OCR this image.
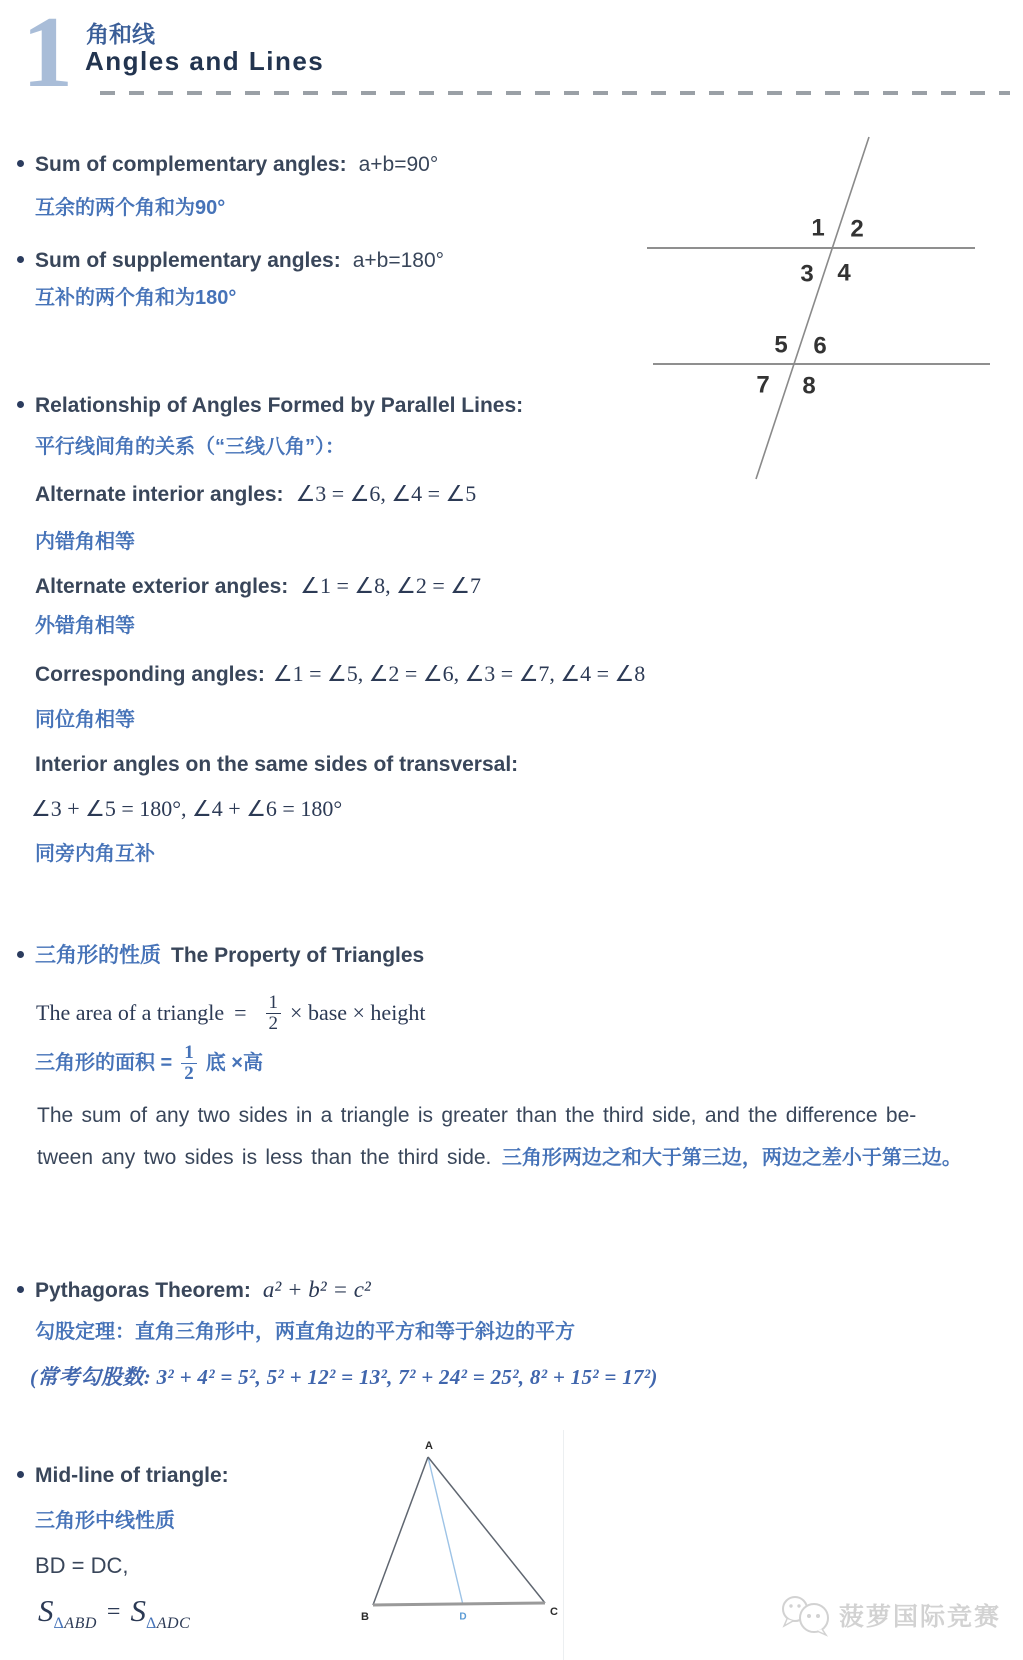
1 角和线
Angles and Lines
Sum of complementary angles: a+b=90°
互余的两个角和为90°
Sum of supplementary angles: a+b=180°
互补的两个角和为180°
Relationship of Angles Formed by Parallel Lines:
平行线间角的关系（“三线八角”）：
Alternate interior angles: ∠3 = ∠6, ∠4 = ∠5
内错角相等
Alternate exterior angles: ∠1 = ∠8, ∠2 = ∠7
外错角相等
Corresponding angles: ∠1 = ∠5, ∠2 = ∠6, ∠3 = ∠7, ∠4 = ∠8
同位角相等
Interior angles on the same sides of transversal:
∠3 + ∠5 = 180°, ∠4 + ∠6 = 180°
同旁内角互补
1 2
3 4
5 6
7 8
三角形的性质 The Property of Triangles
The area of a triangle = $\frac{1}{2}$ × base × height
三角形的面积 = $\frac{1}{2}$ 底 ×高
The sum of any two sides in a triangle is greater than the third side, and the difference be-
tween any two sides is less than the third side. 三角形两边之和大于第三边，两边之差小于第三边。
Pythagoras Theorem: a² + b² = c²
勾股定理：直角三角形中，两直角边的平方和等于斜边的平方
(常考勾股数: 3² + 4² = 5², 5² + 12² = 13², 7² + 24² = 25², 8² + 15² = 17²)
Mid-line of triangle:
三角形中线性质
BD = DC,
SΔABD = SΔADC
A
B	C
D	菠萝国际竞赛
